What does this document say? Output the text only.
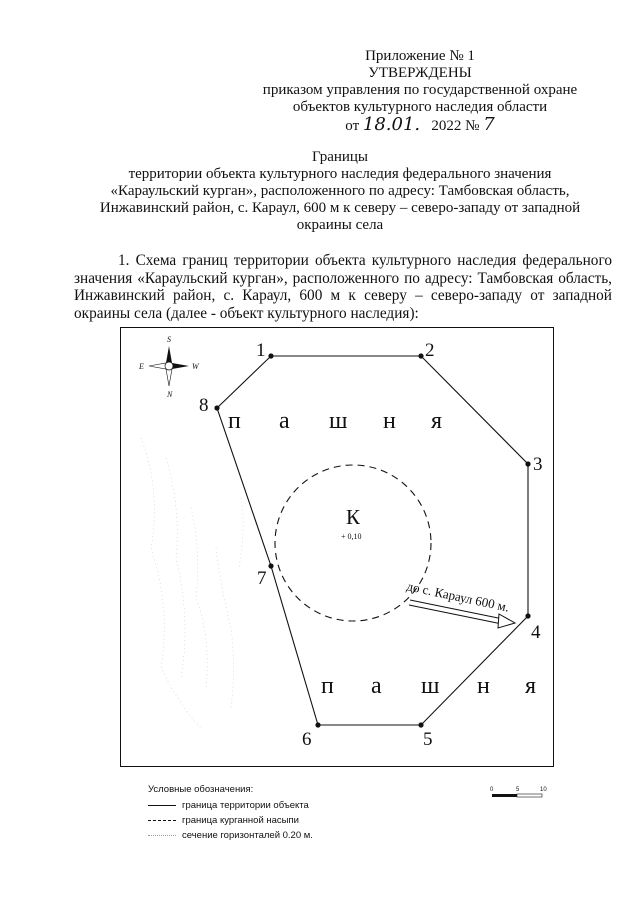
Приложение № 1
УТВЕРЖДЕНЫ
приказом управления по государственной охране
объектов культурного наследия области
от 18.01. 2022 № 7
Границы
территории объекта культурного наследия федерального значения
«Караульский курган», расположенного по адресу: Тамбовская область,
Инжавинский район, с. Караул, 600 м к северу – северо-западу от западной
окраины села
1. Схема границ территории объекта культурного наследия федерального значения «Караульский курган», расположенного по адресу: Тамбовская область, Инжавинский район, с. Караул, 600 м к северу – северо-западу от западной окраины села (далее - объект культурного наследия):
1	2
3
4
5
6
7
8
п а ш н я
п а ш н я
К
+ 0,10
до с. Караул 600 м.
S
N
E	W
Условные обозначения:
граница территории объекта
граница курганной насыпи
сечение горизонталей 0.20 м.
0	5	10
